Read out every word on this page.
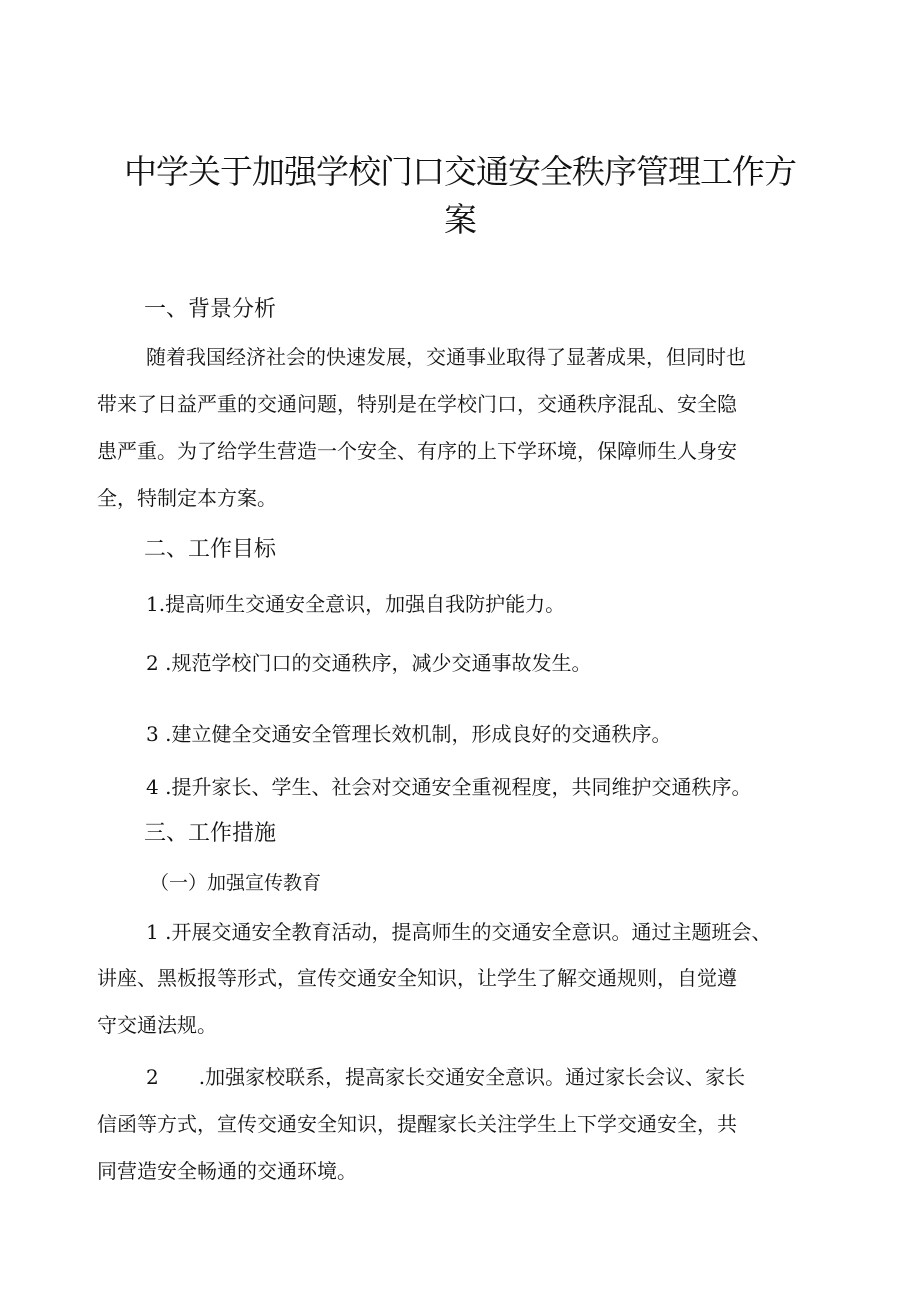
中学关于加强学校门口交通安全秩序管理工作方
案
一、背景分析
随着我国经济社会的快速发展，交通事业取得了显著成果，但同时也
带来了日益严重的交通问题，特别是在学校门口，交通秩序混乱、安全隐
患严重。为了给学生营造一个安全、有序的上下学环境，保障师生人身安
全，特制定本方案。
二、工作目标
1.提高师生交通安全意识，加强自我防护能力。
2 .规范学校门口的交通秩序，减少交通事故发生。
3 .建立健全交通安全管理长效机制，形成良好的交通秩序。
4 .提升家长、学生、社会对交通安全重视程度，共同维护交通秩序。
三、工作措施
（一）加强宣传教育
1 .开展交通安全教育活动，提高师生的交通安全意识。通过主题班会、
讲座、黑板报等形式，宣传交通安全知识，让学生了解交通规则，自觉遵
守交通法规。
2　　.加强家校联系，提高家长交通安全意识。通过家长会议、家长
信函等方式，宣传交通安全知识，提醒家长关注学生上下学交通安全，共
同营造安全畅通的交通环境。
